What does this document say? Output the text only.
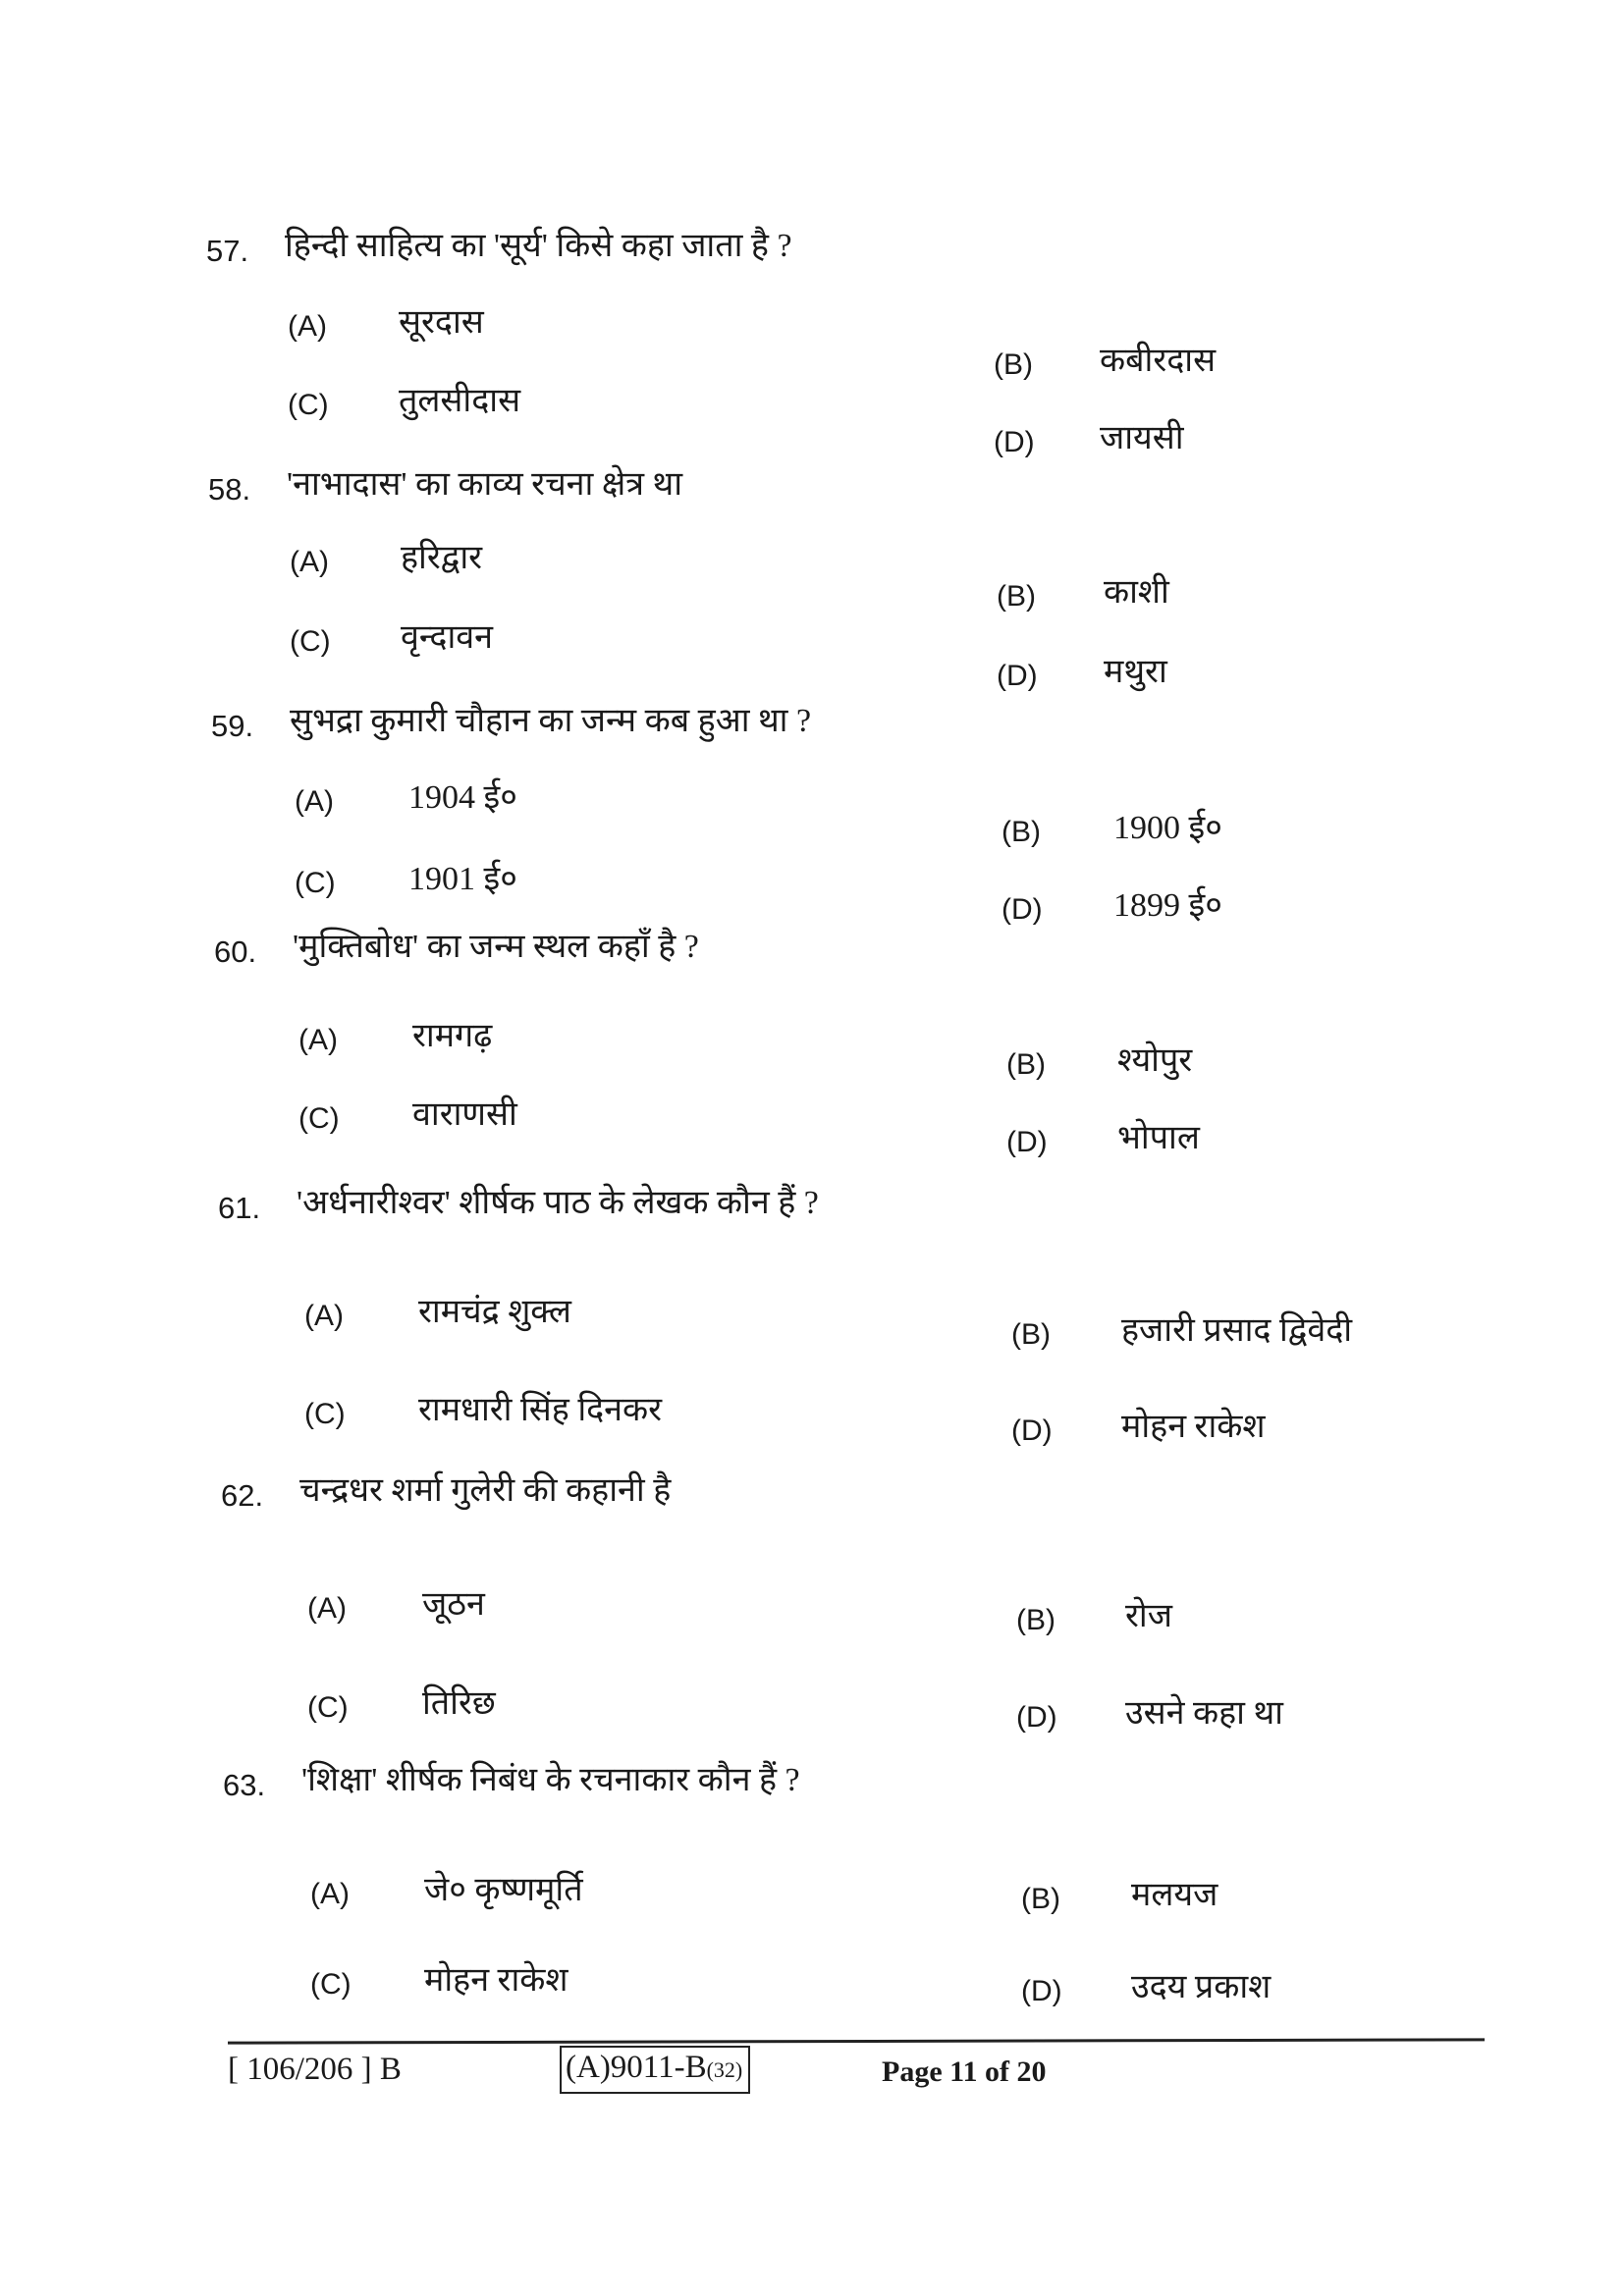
57. हिन्दी साहित्य का 'सूर्य' किसे कहा जाता है ?
(A) सूरदास
(B) कबीरदास
(C) तुलसीदास
(D) जायसी
58. 'नाभादास' का काव्य रचना क्षेत्र था
(A) हरिद्वार
(B) काशी
(C) वृन्दावन
(D) मथुरा
59. सुभद्रा कुमारी चौहान का जन्म कब हुआ था ?
(A) 1904 ई०
(B) 1900 ई०
(C) 1901 ई०
(D) 1899 ई०
60. 'मुक्तिबोध' का जन्म स्थल कहाँ है ?
(A) रामगढ़
(B) श्योपुर
(C) वाराणसी
(D) भोपाल
61. 'अर्धनारीश्वर' शीर्षक पाठ के लेखक कौन हैं ?
(A) रामचंद्र शुक्ल
(B) हजारी प्रसाद द्विवेदी
(C) रामधारी सिंह दिनकर
(D) मोहन राकेश
62. चन्द्रधर शर्मा गुलेरी की कहानी है
(A) जूठन	(B) रोज
(C) तिरिछ	(D) उसने कहा था
63. 'शिक्षा' शीर्षक निबंध के रचनाकार कौन हैं ?
(A) जे० कृष्णमूर्ति	(B) मलयज
(C) मोहन राकेश	(D) उदय प्रकाश
[ 106/206 ] B	(A)9011-B(32)	Page 11 of 20
